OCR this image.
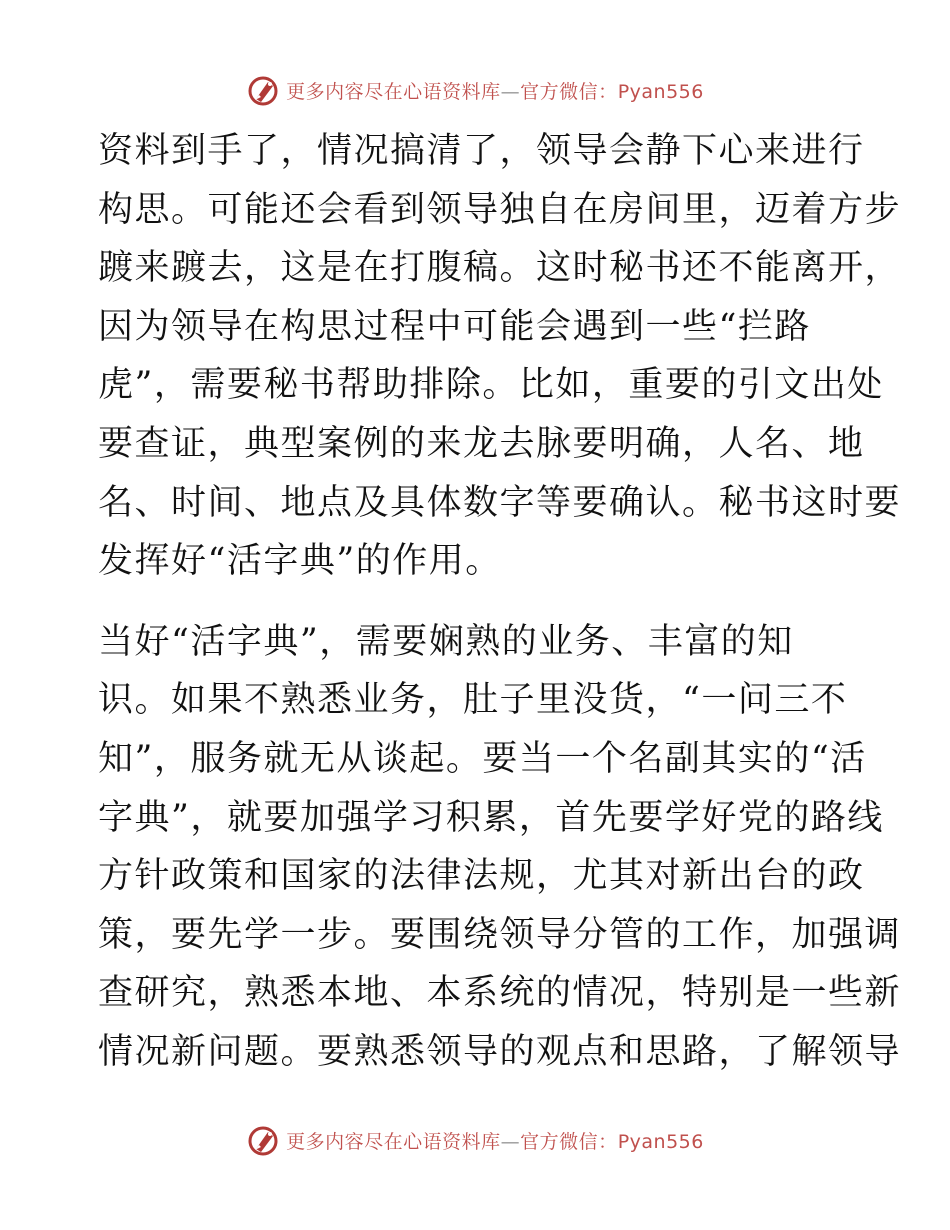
更多内容尽在心语资料库—官方微信：Pyan556

资料到手了，情况搞清了，领导会静下心来进行
构思。可能还会看到领导独自在房间里，迈着方步
踱来踱去，这是在打腹稿。这时秘书还不能离开，
因为领导在构思过程中可能会遇到一些“拦路
虎”，需要秘书帮助排除。比如，重要的引文出处
要查证，典型案例的来龙去脉要明确，人名、地
名、时间、地点及具体数字等要确认。秘书这时要
发挥好“活字典”的作用。

当好“活字典”，需要娴熟的业务、丰富的知
识。如果不熟悉业务，肚子里没货，“一问三不
知”，服务就无从谈起。要当一个名副其实的“活
字典”，就要加强学习积累，首先要学好党的路线
方针政策和国家的法律法规，尤其对新出台的政
策，要先学一步。要围绕领导分管的工作，加强调
查研究，熟悉本地、本系统的情况，特别是一些新
情况新问题。要熟悉领导的观点和思路，了解领导

更多内容尽在心语资料库—官方微信：Pyan556
